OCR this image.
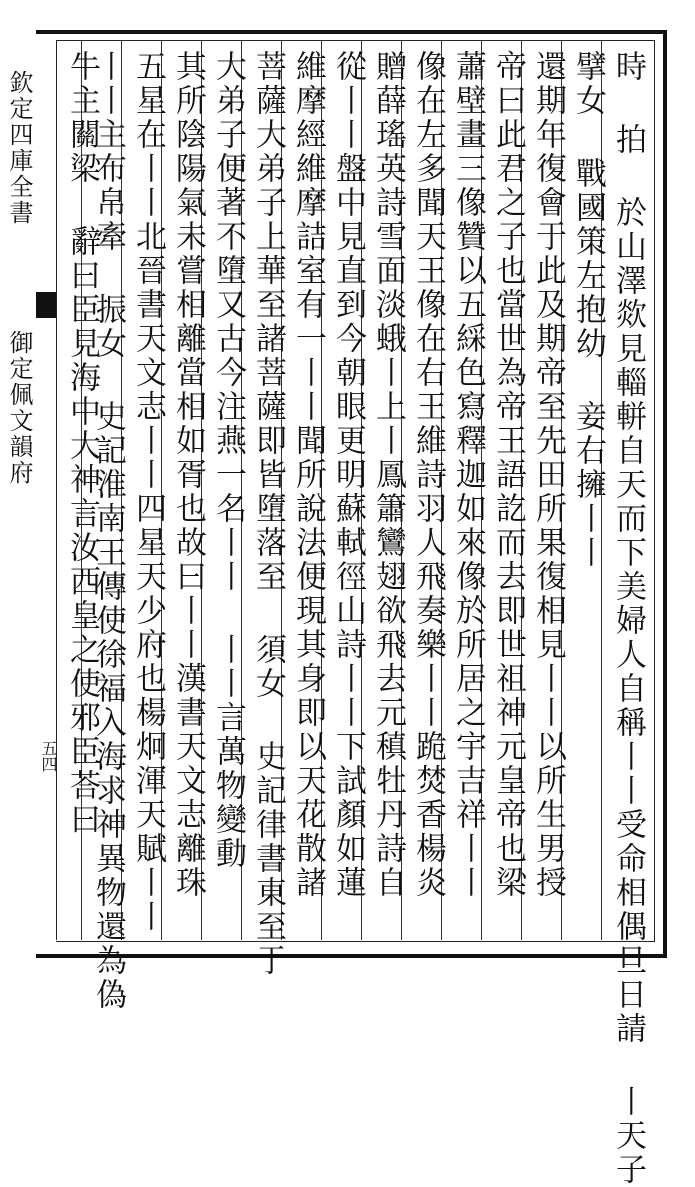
欽定四庫全書
御定佩文韻府
五四	時 拍 於山澤欻見輜軿自天而下美婦人自稱丨丨受命相偶旦日請 丨天子
擘女 戰國策左抱幼 妾右擁丨丨
還期年復會于此及期帝至先田所果復相見丨丨以所生男授
帝曰此君之子也當世為帝王語訖而去即世祖神元皇帝也梁
蕭壁畫三像贊以五綵色寫釋迦如來像於所居之宇吉祥丨丨
像在左多聞天王像在右王維詩羽人飛奏樂丨丨跪焚香楊炎
贈薛瑤英詩雪面淡蛾丨上丨鳳簫鸞翅欲飛去元稹牡丹詩自
從丨丨盤中見直到今朝眼更明蘇軾徑山詩丨丨下試顏如蓮
維摩經維摩詰室有一丨丨聞所說法便現其身即以天花散諸
菩薩大弟子上華至諸菩薩即皆墮落至 須女 史記律書東至于
大弟子便著不墮又古今注燕一名丨丨 丨丨言萬物變動
其所陰陽氣未嘗相離當相如胥也故曰丨丨漢書天文志離珠
五星在丨丨北晉書天文志丨丨四星天少府也楊炯渾天賦丨丨
丨丨主布帛牽 振女 史記淮南王傳使徐福入海求神異物還為偽
牛主關梁 辭曰臣見海中大神言汝西皇之使邪臣荅曰
